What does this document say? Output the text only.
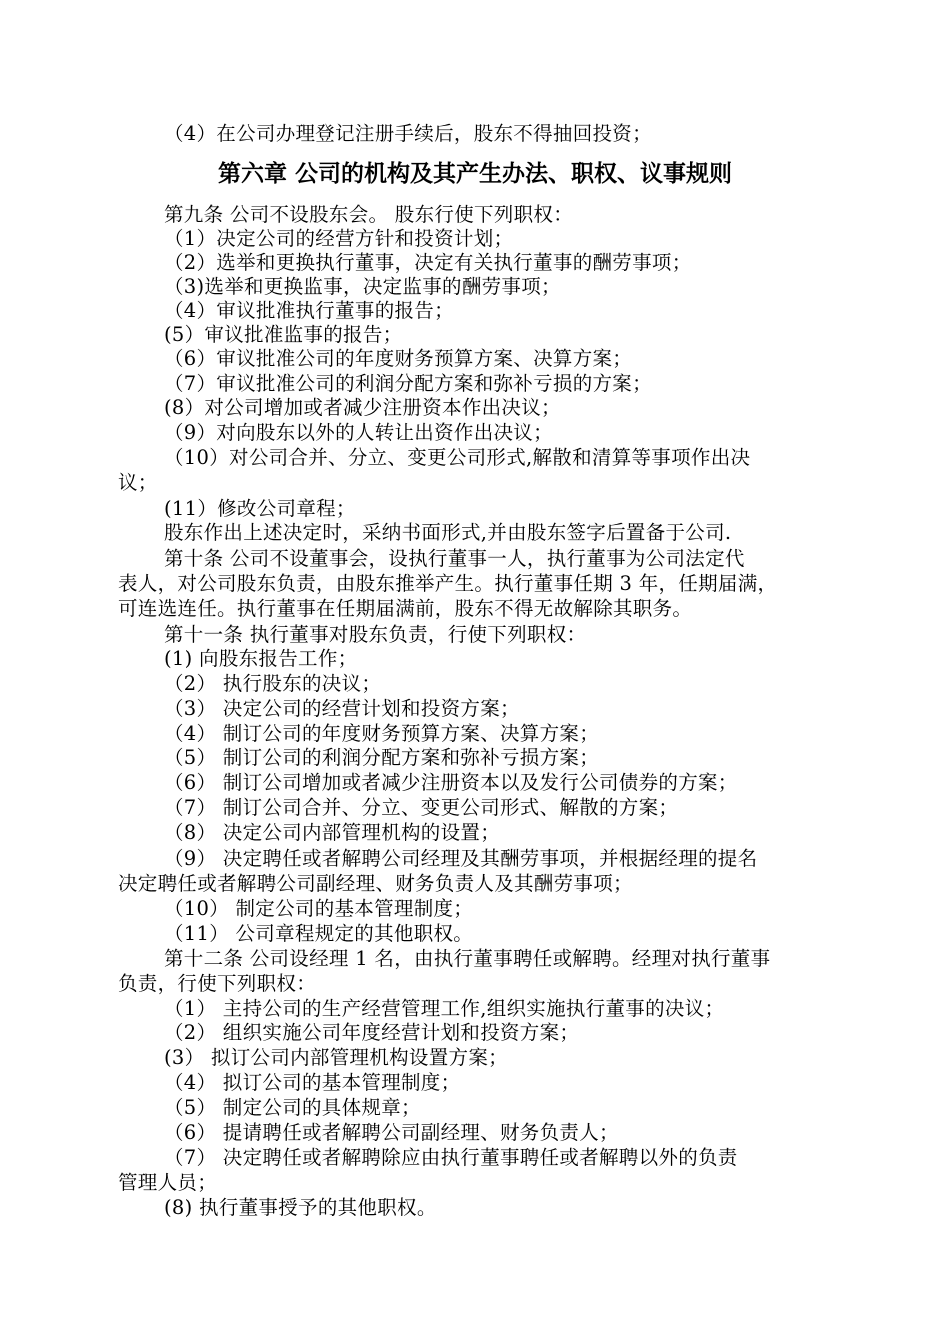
（4）在公司办理登记注册手续后，股东不得抽回投资；
第六章 公司的机构及其产生办法、职权、议事规则
第九条 公司不设股东会。 股东行使下列职权：
（1）决定公司的经营方针和投资计划；
（2）选举和更换执行董事，决定有关执行董事的酬劳事项；
（3)选举和更换监事，决定监事的酬劳事项；
（4）审议批准执行董事的报告；
(5）审议批准监事的报告；
（6）审议批准公司的年度财务预算方案、决算方案；
（7）审议批准公司的利润分配方案和弥补亏损的方案；
(8）对公司增加或者减少注册资本作出决议；
（9）对向股东以外的人转让出资作出决议；
（10）对公司合并、分立、变更公司形式,解散和清算等事项作出决
议；
(11）修改公司章程；
股东作出上述决定时，采纳书面形式,并由股东签字后置备于公司.
第十条 公司不设董事会，设执行董事一人，执行董事为公司法定代
表人，对公司股东负责，由股东推举产生。执行董事任期 3 年，任期届满，
可连选连任。执行董事在任期届满前，股东不得无故解除其职务。
第十一条 执行董事对股东负责，行使下列职权：
(1) 向股东报告工作；
（2） 执行股东的决议；
（3） 决定公司的经营计划和投资方案；
（4） 制订公司的年度财务预算方案、决算方案；
（5） 制订公司的利润分配方案和弥补亏损方案；
（6） 制订公司增加或者减少注册资本以及发行公司债券的方案；
（7） 制订公司合并、分立、变更公司形式、解散的方案；
（8） 决定公司内部管理机构的设置；
（9） 决定聘任或者解聘公司经理及其酬劳事项，并根据经理的提名
决定聘任或者解聘公司副经理、财务负责人及其酬劳事项；
（10） 制定公司的基本管理制度；
（11） 公司章程规定的其他职权。
第十二条 公司设经理 1 名，由执行董事聘任或解聘。经理对执行董事
负责，行使下列职权：
（1） 主持公司的生产经营管理工作,组织实施执行董事的决议；
（2） 组织实施公司年度经营计划和投资方案；
(3） 拟订公司内部管理机构设置方案；
（4） 拟订公司的基本管理制度；
（5） 制定公司的具体规章；
（6） 提请聘任或者解聘公司副经理、财务负责人；
（7） 决定聘任或者解聘除应由执行董事聘任或者解聘以外的负责
管理人员；
(8) 执行董事授予的其他职权。
